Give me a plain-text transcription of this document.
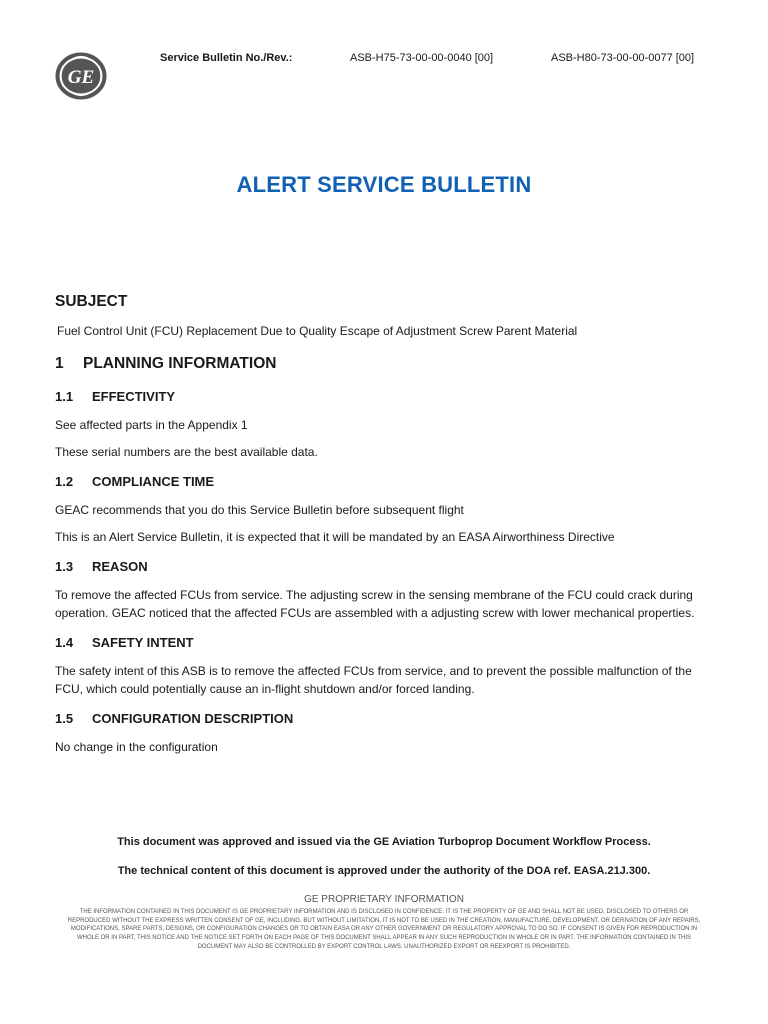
GE
Service Bulletin No./Rev.:	ASB-H75-73-00-00-0040 [00]	ASB-H80-73-00-00-0077 [00]
ALERT SERVICE BULLETIN
SUBJECT
Fuel Control Unit (FCU) Replacement Due to Quality Escape of Adjustment Screw Parent Material
1	PLANNING INFORMATION
1.1	EFFECTIVITY
See affected parts in the Appendix 1
These serial numbers are the best available data.
1.2	COMPLIANCE TIME
GEAC recommends that you do this Service Bulletin before subsequent flight
This is an Alert Service Bulletin, it is expected that it will be mandated by an EASA Airworthiness Directive
1.3	REASON
To remove the affected FCUs from service. The adjusting screw in the sensing membrane of the FCU could crack during operation. GEAC noticed that the affected FCUs are assembled with a adjusting screw with lower mechanical properties.
1.4	SAFETY INTENT
The safety intent of this ASB is to remove the affected FCUs from service, and to prevent the possible malfunction of the FCU, which could potentially cause an in-flight shutdown and/or forced landing.
1.5	CONFIGURATION DESCRIPTION
No change in the configuration
This document was approved and issued via the GE Aviation Turboprop Document Workflow Process.
The technical content of this document is approved under the authority of the DOA ref. EASA.21J.300.
GE PROPRIETARY INFORMATION
THE INFORMATION CONTAINED IN THIS DOCUMENT IS GE PROPRIETARY INFORMATION AND IS DISCLOSED IN CONFIDENCE. IT IS THE PROPERTY OF GE AND SHALL NOT BE USED, DISCLOSED TO OTHERS OR REPRODUCED WITHOUT THE EXPRESS WRITTEN CONSENT OF GE, INCLUDING, BUT WITHOUT LIMITATION, IT IS NOT TO BE USED IN THE CREATION, MANUFACTURE, DEVELOPMENT, OR DERIVATION OF ANY REPAIRS, MODIFICATIONS, SPARE PARTS, DESIGNS, OR CONFIGURATION CHANGES OR TO OBTAIN EASA OR ANY OTHER GOVERNMENT OR REGULATORY APPROVAL TO DO SO. IF CONSENT IS GIVEN FOR REPRODUCTION IN WHOLE OR IN PART, THIS NOTICE AND THE NOTICE SET FORTH ON EACH PAGE OF THIS DOCUMENT SHALL APPEAR IN ANY SUCH REPRODUCTION IN WHOLE OR IN PART. THE INFORMATION CONTAINED IN THIS DOCUMENT MAY ALSO BE CONTROLLED BY EXPORT CONTROL LAWS. UNAUTHORIZED EXPORT OR REEXPORT IS PROHIBITED.
